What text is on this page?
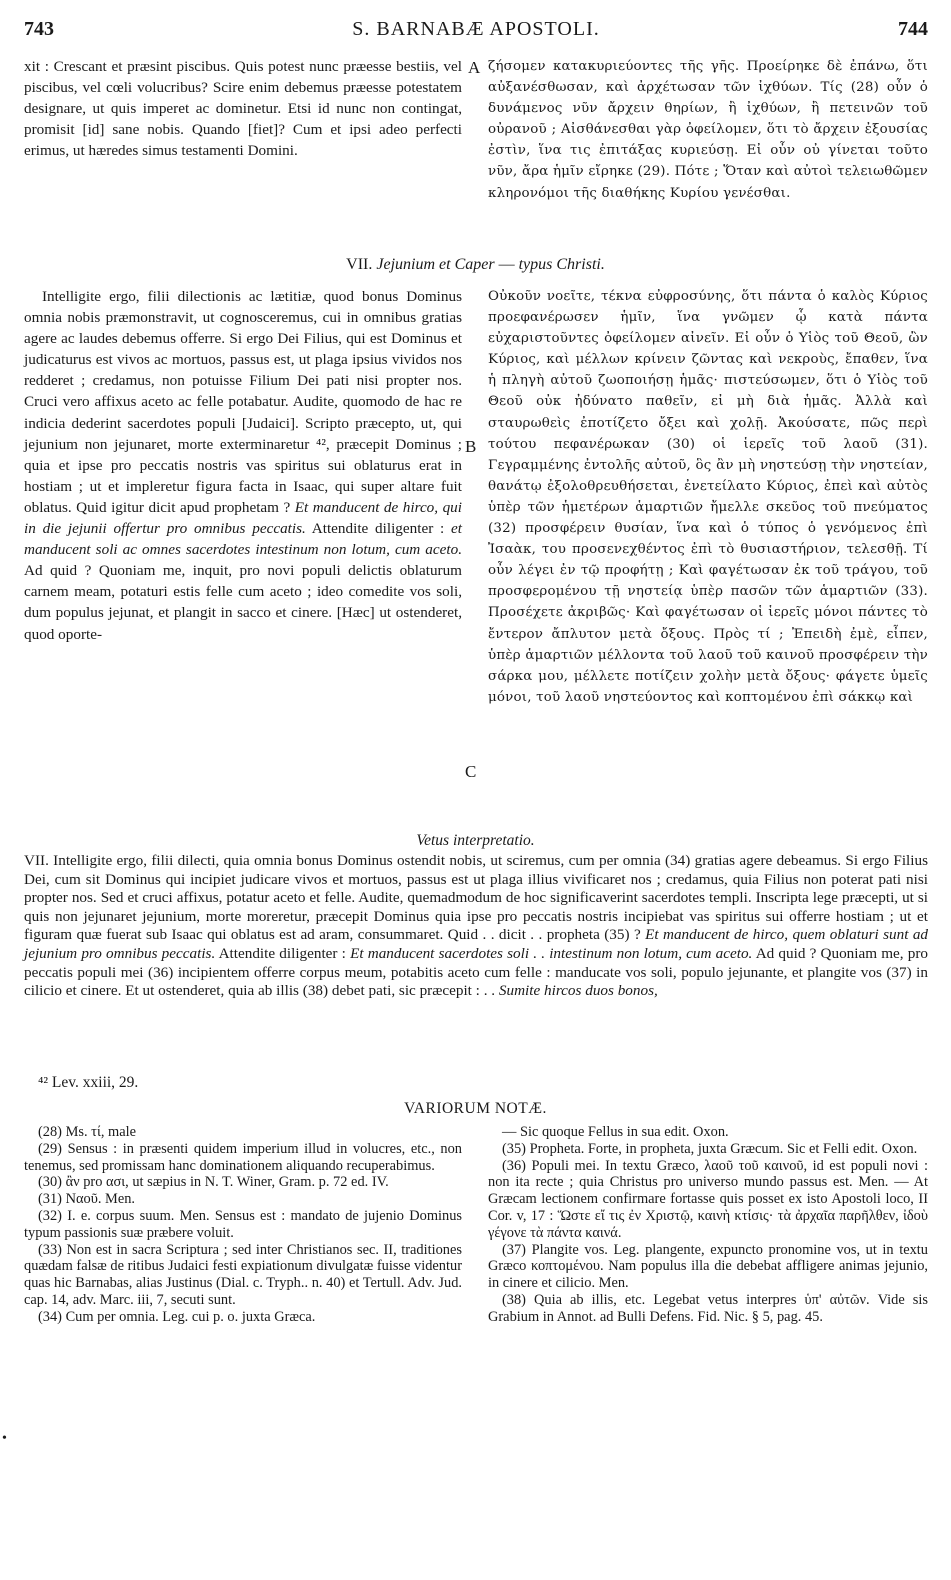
743	S. BARNABÆ APOSTOLI.	744

xit : Crescant et præsint piscibus. Quis potest nunc præesse bestiis, vel piscibus, vel cœli volucribus? Scire enim debemus præesse potestatem designare, ut quis imperet ac dominetur. Etsi id nunc non contingat, promisit [id] sane nobis. Quando [fiet]? Cum et ipsi adeo perfecti erimus, ut hæredes simus testamenti Domini.

A ζήσομεν κατακυριεύοντες τῆς γῆς. Προείρηκε δὲ ἐπάνω, ὅτι αὐξανέσθωσαν, καὶ ἀρχέτωσαν τῶν ἰχθύων. Τίς (28) οὖν ὁ δυνάμενος νῦν ἄρχειν θηρίων, ἢ ἰχθύων, ἢ πετεινῶν τοῦ οὐρανοῦ ; Αἰσθάνεσθαι γὰρ ὀφείλομεν, ὅτι τὸ ἄρχειν ἐξουσίας ἐστὶν, ἵνα τις ἐπιτάξας κυριεύσῃ. Εἰ οὖν οὐ γίνεται τοῦτο νῦν, ἄρα ἡμῖν εἴρηκε (29). Πότε ; Ὅταν καὶ αὐτοὶ τελειωθῶμεν κληρονόμοι τῆς διαθήκης Κυρίου γενέσθαι.

VII. Jejunium et Caper — typus Christi.

Intelligite ergo, filii dilectionis ac lætitiæ, quod bonus Dominus omnia nobis præmonstravit, ut cognosceremus, cui in omnibus gratias agere ac laudes debemus offerre. Si ergo Dei Filius, qui est Dominus et judicaturus est vivos ac mortuos, passus est, ut plaga ipsius vividos nos redderet ; credamus, non potuisse Filium Dei pati nisi propter nos. Cruci vero affixus aceto ac felle potabatur. Audite, quomodo de hac re indicia dederint sacerdotes populi [Judaici]. Scripto præcepto, ut, qui jejunium non jejunaret, morte exterminaretur ⁴², præcepit Dominus ; quia et ipse pro peccatis nostris vas spiritus sui oblaturus erat in hostiam ; ut et impleretur figura facta in Isaac, qui super altare fuit oblatus. Quid igitur dicit apud prophetam ? Et manducent de hirco, qui in die jejunii offertur pro omnibus peccatis. Attendite diligenter : et manducent soli ac omnes sacerdotes intestinum non lotum, cum aceto. Ad quid ? Quoniam me, inquit, pro novi populi delictis oblaturum carnem meam, potaturi estis felle cum aceto ; ideo comedite vos soli, dum populus jejunat, et plangit in sacco et cinere. [Hæc] ut ostenderet, quod oporte-

B
C

Οὐκοῦν νοεῖτε, τέκνα εὐφροσύνης, ὅτι πάντα ὁ καλὸς Κύριος προεφανέρωσεν ἡμῖν, ἵνα γνῶμεν ᾧ κατὰ πάντα εὐχαριστοῦντες ὀφείλομεν αἰνεῖν. Εἰ οὖν ὁ Υἱὸς τοῦ Θεοῦ, ὢν Κύριος, καὶ μέλλων κρίνειν ζῶντας καὶ νεκροὺς, ἔπαθεν, ἵνα ἡ πληγὴ αὐτοῦ ζωοποιήσῃ ἡμᾶς· πιστεύσωμεν, ὅτι ὁ Υἱὸς τοῦ Θεοῦ οὐκ ἠδύνατο παθεῖν, εἰ μὴ διὰ ἡμᾶς. Ἀλλὰ καὶ σταυρωθεὶς ἐποτίζετο ὄξει καὶ χολῇ. Ἀκούσατε, πῶς περὶ τούτου πεφανέρωκαν (30) οἱ ἱερεῖς τοῦ λαοῦ (31). Γεγραμμένης ἐντολῆς αὐτοῦ, ὃς ἂν μὴ νηστεύσῃ τὴν νηστείαν, θανάτῳ ἐξολοθρευθήσεται, ἐνετείλατο Κύριος, ἐπεὶ καὶ αὐτὸς ὑπὲρ τῶν ἡμετέρων ἁμαρτιῶν ἤμελλε σκεῦος τοῦ πνεύματος (32) προσφέρειν θυσίαν, ἵνα καὶ ὁ τύπος ὁ γενόμενος ἐπὶ Ἰσαὰκ, του προσενεχθέντος ἐπὶ τὸ θυσιαστήριον, τελεσθῇ. Τί οὖν λέγει ἐν τῷ προφήτῃ ; Καὶ φαγέτωσαν ἐκ τοῦ τράγου, τοῦ προσφερομένου τῇ νηστείᾳ ὑπὲρ πασῶν τῶν ἁμαρτιῶν (33). Προσέχετε ἀκριβῶς· Καὶ φαγέτωσαν οἱ ἱερεῖς μόνοι πάντες τὸ ἔντερον ἄπλυτον μετὰ ὄξους. Πρὸς τί ; Ἐπειδὴ ἐμὲ, εἶπεν, ὑπὲρ ἁμαρτιῶν μέλλοντα τοῦ λαοῦ τοῦ καινοῦ προσφέρειν τὴν σάρκα μου, μέλλετε ποτίζειν χολὴν μετὰ ὄξους· φάγετε ὑμεῖς μόνοι, τοῦ λαοῦ νηστεύοντος καὶ κοπτομένου ἐπὶ σάκκῳ καὶ

Vetus interpretatio.

VII. Intelligite ergo, filii dilecti, quia omnia bonus Dominus ostendit nobis, ut sciremus, cum per omnia (34) gratias agere debeamus. Si ergo Filius Dei, cum sit Dominus qui incipiet judicare vivos et mortuos, passus est ut plaga illius vivificaret nos ; credamus, quia Filius non poterat pati nisi propter nos. Sed et cruci affixus, potatur aceto et felle. Audite, quemadmodum de hoc significaverint sacerdotes templi. Inscripta lege præcepti, ut si quis non jejunaret jejunium, morte moreretur, præcepit Dominus quia ipse pro peccatis nostris incipiebat vas spiritus sui offerre hostiam ; ut et figuram quæ fuerat sub Isaac qui oblatus est ad aram, consummaret. Quid . . dicit . . propheta (35) ? Et manducent de hirco, quem oblaturi sunt ad jejunium pro omnibus peccatis. Attendite diligenter : Et manducent sacerdotes soli . . intestinum non lotum, cum aceto. Ad quid ? Quoniam me, pro peccatis populi mei (36) incipientem offerre corpus meum, potabitis aceto cum felle : manducate vos soli, populo jejunante, et plangite vos (37) in cilicio et cinere. Et ut ostenderet, quia ab illis (38) debet pati, sic præcepit : . . Sumite hircos duos bonos,

⁴² Lev. xxiii, 29.
VARIORUM NOTÆ.

(28) Ms. τί, male

(29) Sensus : in præsenti quidem imperium illud in volucres, etc., non tenemus, sed promissam hanc dominationem aliquando recuperabimus.

(30) ἂν pro ασι, ut sæpius in N. T. Winer, Gram. p. 72 ed. IV.

(31) Ναοῦ. Men.

(32) I. e. corpus suum. Men. Sensus est : mandato de jujenio Dominus typum passionis suæ præbere voluit.

(33) Non est in sacra Scriptura ; sed inter Christianos sec. II, traditiones quædam falsæ de ritibus Judaici festi expiationum divulgatæ fuisse videntur quas hic Barnabas, alias Justinus (Dial. c. Tryph.. n. 40) et Tertull. Adv. Jud. cap. 14, adv. Marc. iii, 7, secuti sunt.

(34) Cum per omnia. Leg. cui p. o. juxta Græca.

— Sic quoque Fellus in sua edit. Oxon.

(35) Propheta. Forte, in propheta, juxta Græcum. Sic et Felli edit. Oxon.

(36) Populi mei. In textu Græco, λαοῦ τοῦ καινοῦ, id est populi novi : non ita recte ; quia Christus pro universo mundo passus est. Men. — At Græcam lectionem confirmare fortasse quis posset ex isto Apostoli loco, II Cor. v, 17 : Ὥστε εἴ τις ἐν Χριστῷ, καινὴ κτίσις· τὰ ἀρχαῖα παρῆλθεν, ἰδοὺ γέγονε τὰ πάντα καινά.

(37) Plangite vos. Leg. plangente, expuncto pronomine vos, ut in textu Græco κοπτομένου. Nam populus illa die debebat affligere animas jejunio, in cinere et cilicio. Men.

(38) Quia ab illis, etc. Legebat vetus interpres ὑπ' αὐτῶν. Vide sis Grabium in Annot. ad Bulli Defens. Fid. Nic. § 5, pag. 45.

•
